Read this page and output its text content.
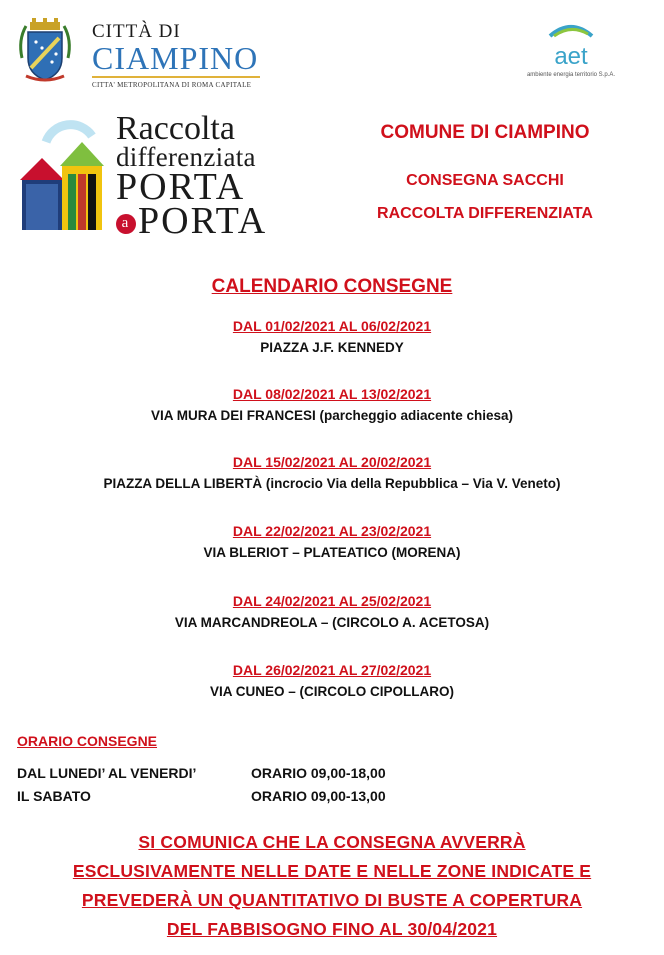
CITTÀ DI
CIAMPINO
CITTA' METROPOLITANA DI ROMA CAPITALE
aet
ambiente energia territorio S.p.A.
Raccolta
differenziata
PORTA
a PORTA
COMUNE DI CIAMPINO
CONSEGNA SACCHI
RACCOLTA DIFFERENZIATA
CALENDARIO CONSEGNE
DAL 01/02/2021 AL 06/02/2021
PIAZZA J.F. KENNEDY
DAL 08/02/2021 AL 13/02/2021
VIA MURA DEI FRANCESI (parcheggio adiacente chiesa)
DAL 15/02/2021 AL 20/02/2021
PIAZZA DELLA LIBERTÀ (incrocio Via della Repubblica – Via V. Veneto)
DAL 22/02/2021 AL 23/02/2021
VIA BLERIOT – PLATEATICO (MORENA)
DAL 24/02/2021 AL 25/02/2021
VIA MARCANDREOLA – (CIRCOLO A. ACETOSA)
DAL 26/02/2021 AL 27/02/2021
VIA CUNEO – (CIRCOLO CIPOLLARO)
ORARIO CONSEGNE
DAL LUNEDI’ AL VENERDI’	ORARIO 09,00-18,00
IL SABATO	ORARIO 09,00-13,00
SI COMUNICA CHE LA CONSEGNA AVVERRÀ
ESCLUSIVAMENTE NELLE DATE E NELLE ZONE INDICATE E
PREVEDERÀ UN QUANTITATIVO DI BUSTE A COPERTURA
DEL FABBISOGNO FINO AL 30/04/2021
